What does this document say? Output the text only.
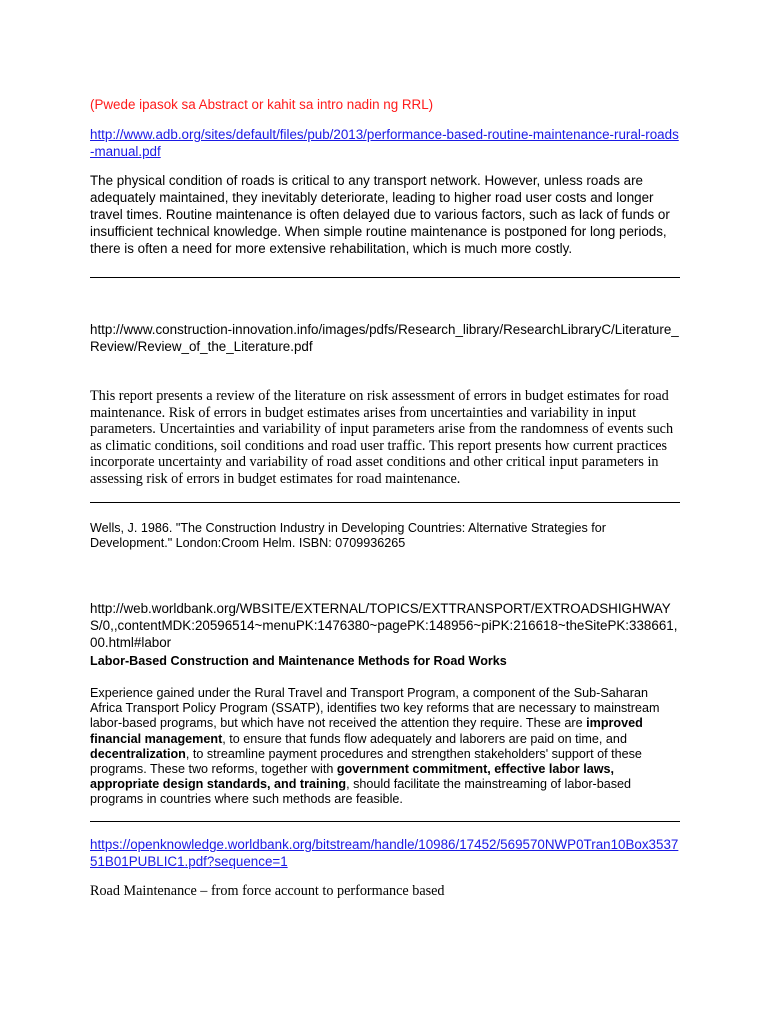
(Pwede ipasok sa Abstract or kahit sa intro nadin ng RRL)

http://www.adb.org/sites/default/files/pub/2013/performance-based-routine-maintenance-rural-roads-manual.pdf

The physical condition of roads is critical to any transport network. However, unless roads are adequately maintained, they inevitably deteriorate, leading to higher road user costs and longer travel times. Routine maintenance is often delayed due to various factors, such as lack of funds or insufficient technical knowledge. When simple routine maintenance is postponed for long periods, there is often a need for more extensive rehabilitation, which is much more costly.

http://www.construction-innovation.info/images/pdfs/Research_library/ResearchLibraryC/Literature_Review/Review_of_the_Literature.pdf

This report presents a review of the literature on risk assessment of errors in budget estimates for road maintenance. Risk of errors in budget estimates arises from uncertainties and variability in input parameters. Uncertainties and variability of input parameters arise from the randomness of events such as climatic conditions, soil conditions and road user traffic. This report presents how current practices incorporate uncertainty and variability of road asset conditions and other critical input parameters in assessing risk of errors in budget estimates for road maintenance.

Wells, J. 1986. "The Construction Industry in Developing Countries: Alternative Strategies for Development." London:Croom Helm. ISBN: 0709936265

http://web.worldbank.org/WBSITE/EXTERNAL/TOPICS/EXTTRANSPORT/EXTROADSHIGHWAYS/0,,contentMDK:20596514~menuPK:1476380~pagePK:148956~piPK:216618~theSitePK:338661,00.html#labor

Labor-Based Construction and Maintenance Methods for Road Works

Experience gained under the Rural Travel and Transport Program, a component of the Sub-Saharan Africa Transport Policy Program (SSATP), identifies two key reforms that are necessary to mainstream labor-based programs, but which have not received the attention they require. These are improved financial management, to ensure that funds flow adequately and laborers are paid on time, and decentralization, to streamline payment procedures and strengthen stakeholders' support of these programs. These two reforms, together with government commitment, effective labor laws, appropriate design standards, and training, should facilitate the mainstreaming of labor-based programs in countries where such methods are feasible.

https://openknowledge.worldbank.org/bitstream/handle/10986/17452/569570NWP0Tran10Box353751B01PUBLIC1.pdf?sequence=1

Road Maintenance – from force account to performance based
